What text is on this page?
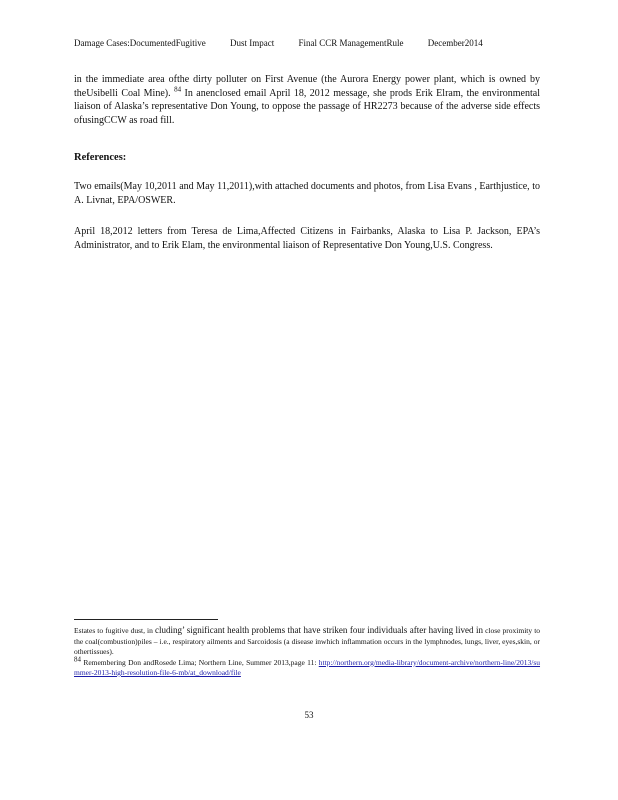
Damage Cases:DocumentedFugitive	Dust Impact	Final CCR ManagementRule	December2014
in the immediate area ofthe dirty polluter on First Avenue (the Aurora Energy power plant, which is owned by theUsibelli Coal Mine). $^{84}$ In anenclosed email April 18, 2012 message, she prods Erik Elram, the environmental liaison of Alaska’s representative Don Young, to oppose the passage of HR2273 because of the adverse side effects ofusingCCW as road fill.
References:
Two emails(May 10,2011 and May 11,2011),with attached documents and photos, from Lisa Evans , Earthjustice, to A. Livnat, EPA/OSWER.
April 18,2012 letters from Teresa de Lima,Affected Citizens in Fairbanks, Alaska to Lisa P. Jackson, EPA’s Administrator, and to Erik Elam, the environmental liaison of Representative Don Young,U.S. Congress.
Estates to fugitive dust, in cluding’ significant health problems that have striken four individuals after having lived in close proximity to the coal(combustion)piles – i.e., respiratory ailments and Sarcoidosis (a disease inwhich inflammation occurs in the lymphnodes, lungs, liver, eyes,skin, or othertissues).
84 Remembering Don andRosede Lima; Northern Line, Summer 2013,page 11: http://northern.org/media-library/document-archive/northern-line/2013/summer-2013-high-resolution-file-6-mb/at_download/file
53
